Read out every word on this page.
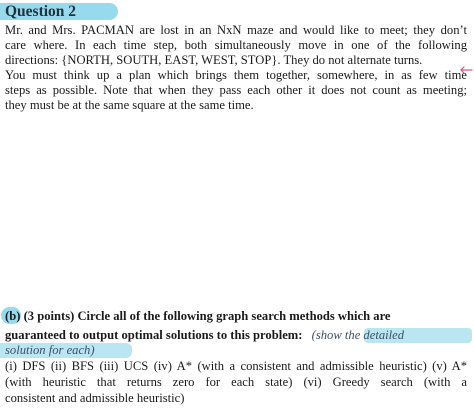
Question 2
Mr. and Mrs. PACMAN are lost in an NxN maze and would like to meet; they don’t
care where. In each time step, both simultaneously move in one of the following
directions: {NORTH, SOUTH, EAST, WEST, STOP}. They do not alternate turns.
You must think up a plan which brings them together, somewhere, in as few time
steps as possible. Note that when they pass each other it does not count as meeting;
they must be at the same square at the same time.
(b) (3 points) Circle all of the following graph search methods which are
guaranteed to output optimal solutions to this problem: (show the detailed
solution for each)
(i) DFS (ii) BFS (iii) UCS (iv) A* (with a consistent and admissible heuristic) (v) A*
(with heuristic that returns zero for each state) (vi) Greedy search (with a
consistent and admissible heuristic)
